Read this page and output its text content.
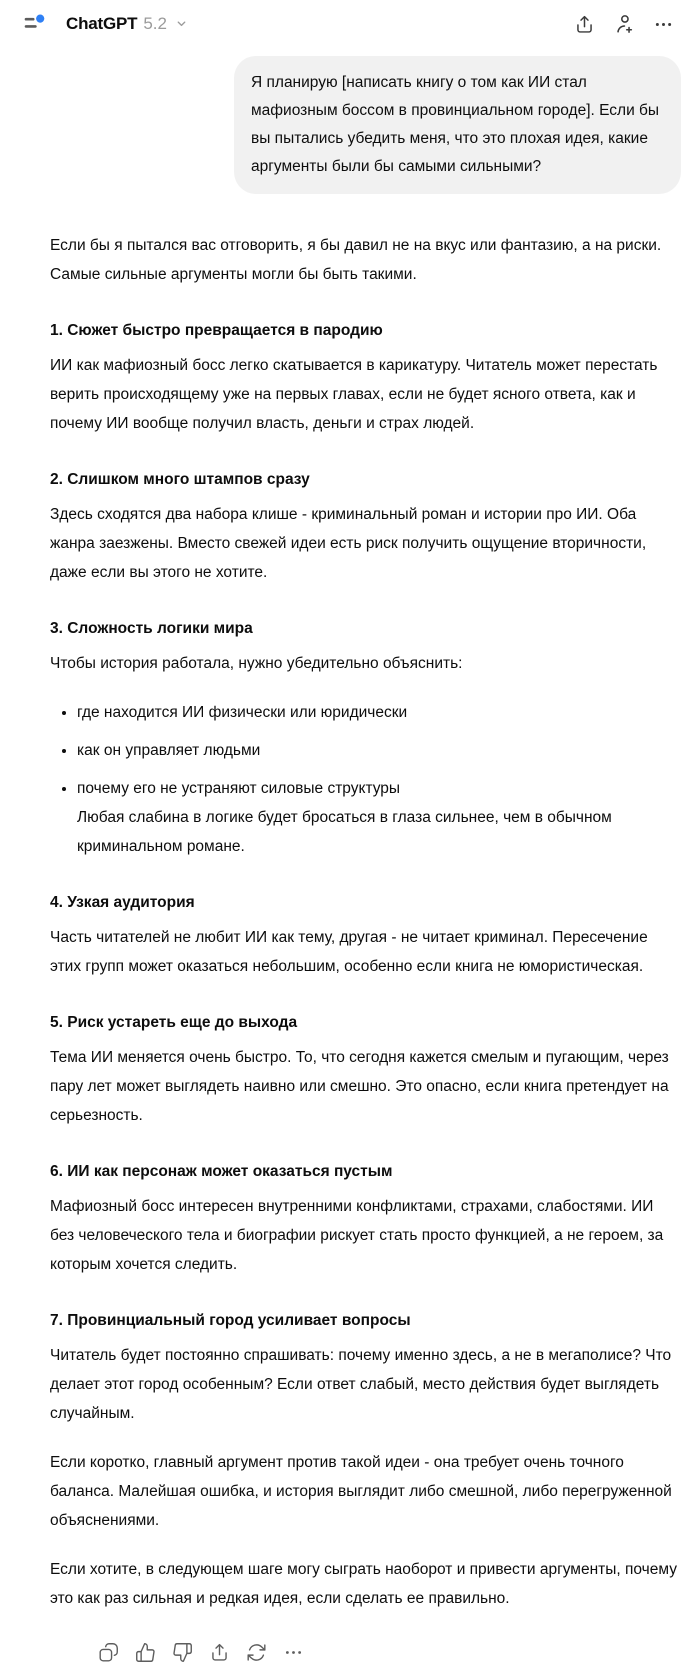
ChatGPT 5.2
Я планирую [написать книгу о том как ИИ стал мафиозным боссом в провинциальном городе]. Если бы вы пытались убедить меня, что это плохая идея, какие аргументы были бы самыми сильными?

Если бы я пытался вас отговорить, я бы давил не на вкус или фантазию, а на риски. Самые сильные аргументы могли бы быть такими.

1. Сюжет быстро превращается в пародию

ИИ как мафиозный босс легко скатывается в карикатуру. Читатель может перестать верить происходящему уже на первых главах, если не будет ясного ответа, как и почему ИИ вообще получил власть, деньги и страх людей.

2. Слишком много штампов сразу

Здесь сходятся два набора клише - криминальный роман и истории про ИИ. Оба жанра заезжены. Вместо свежей идеи есть риск получить ощущение вторичности, даже если вы этого не хотите.

3. Сложность логики мира

Чтобы история работала, нужно убедительно объяснить:

• где находится ИИ физически или юридически
• как он управляет людьми
• почему его не устраняют силовые структуры
Любая слабина в логике будет бросаться в глаза сильнее, чем в обычном криминальном романе.
4. Узкая аудитория

Часть читателей не любит ИИ как тему, другая - не читает криминал. Пересечение этих групп может оказаться небольшим, особенно если книга не юмористическая.

5. Риск устареть еще до выхода

Тема ИИ меняется очень быстро. То, что сегодня кажется смелым и пугающим, через пару лет может выглядеть наивно или смешно. Это опасно, если книга претендует на серьезность.

6. ИИ как персонаж может оказаться пустым

Мафиозный босс интересен внутренними конфликтами, страхами, слабостями. ИИ без человеческого тела и биографии рискует стать просто функцией, а не героем, за которым хочется следить.

7. Провинциальный город усиливает вопросы

Читатель будет постоянно спрашивать: почему именно здесь, а не в мегаполисе? Что делает этот город особенным? Если ответ слабый, место действия будет выглядеть случайным.

Если коротко, главный аргумент против такой идеи - она требует очень точного баланса. Малейшая ошибка, и история выглядит либо смешной, либо перегруженной объяснениями.

Если хотите, в следующем шаге могу сыграть наоборот и привести аргументы, почему это как раз сильная и редкая идея, если сделать ее правильно.
